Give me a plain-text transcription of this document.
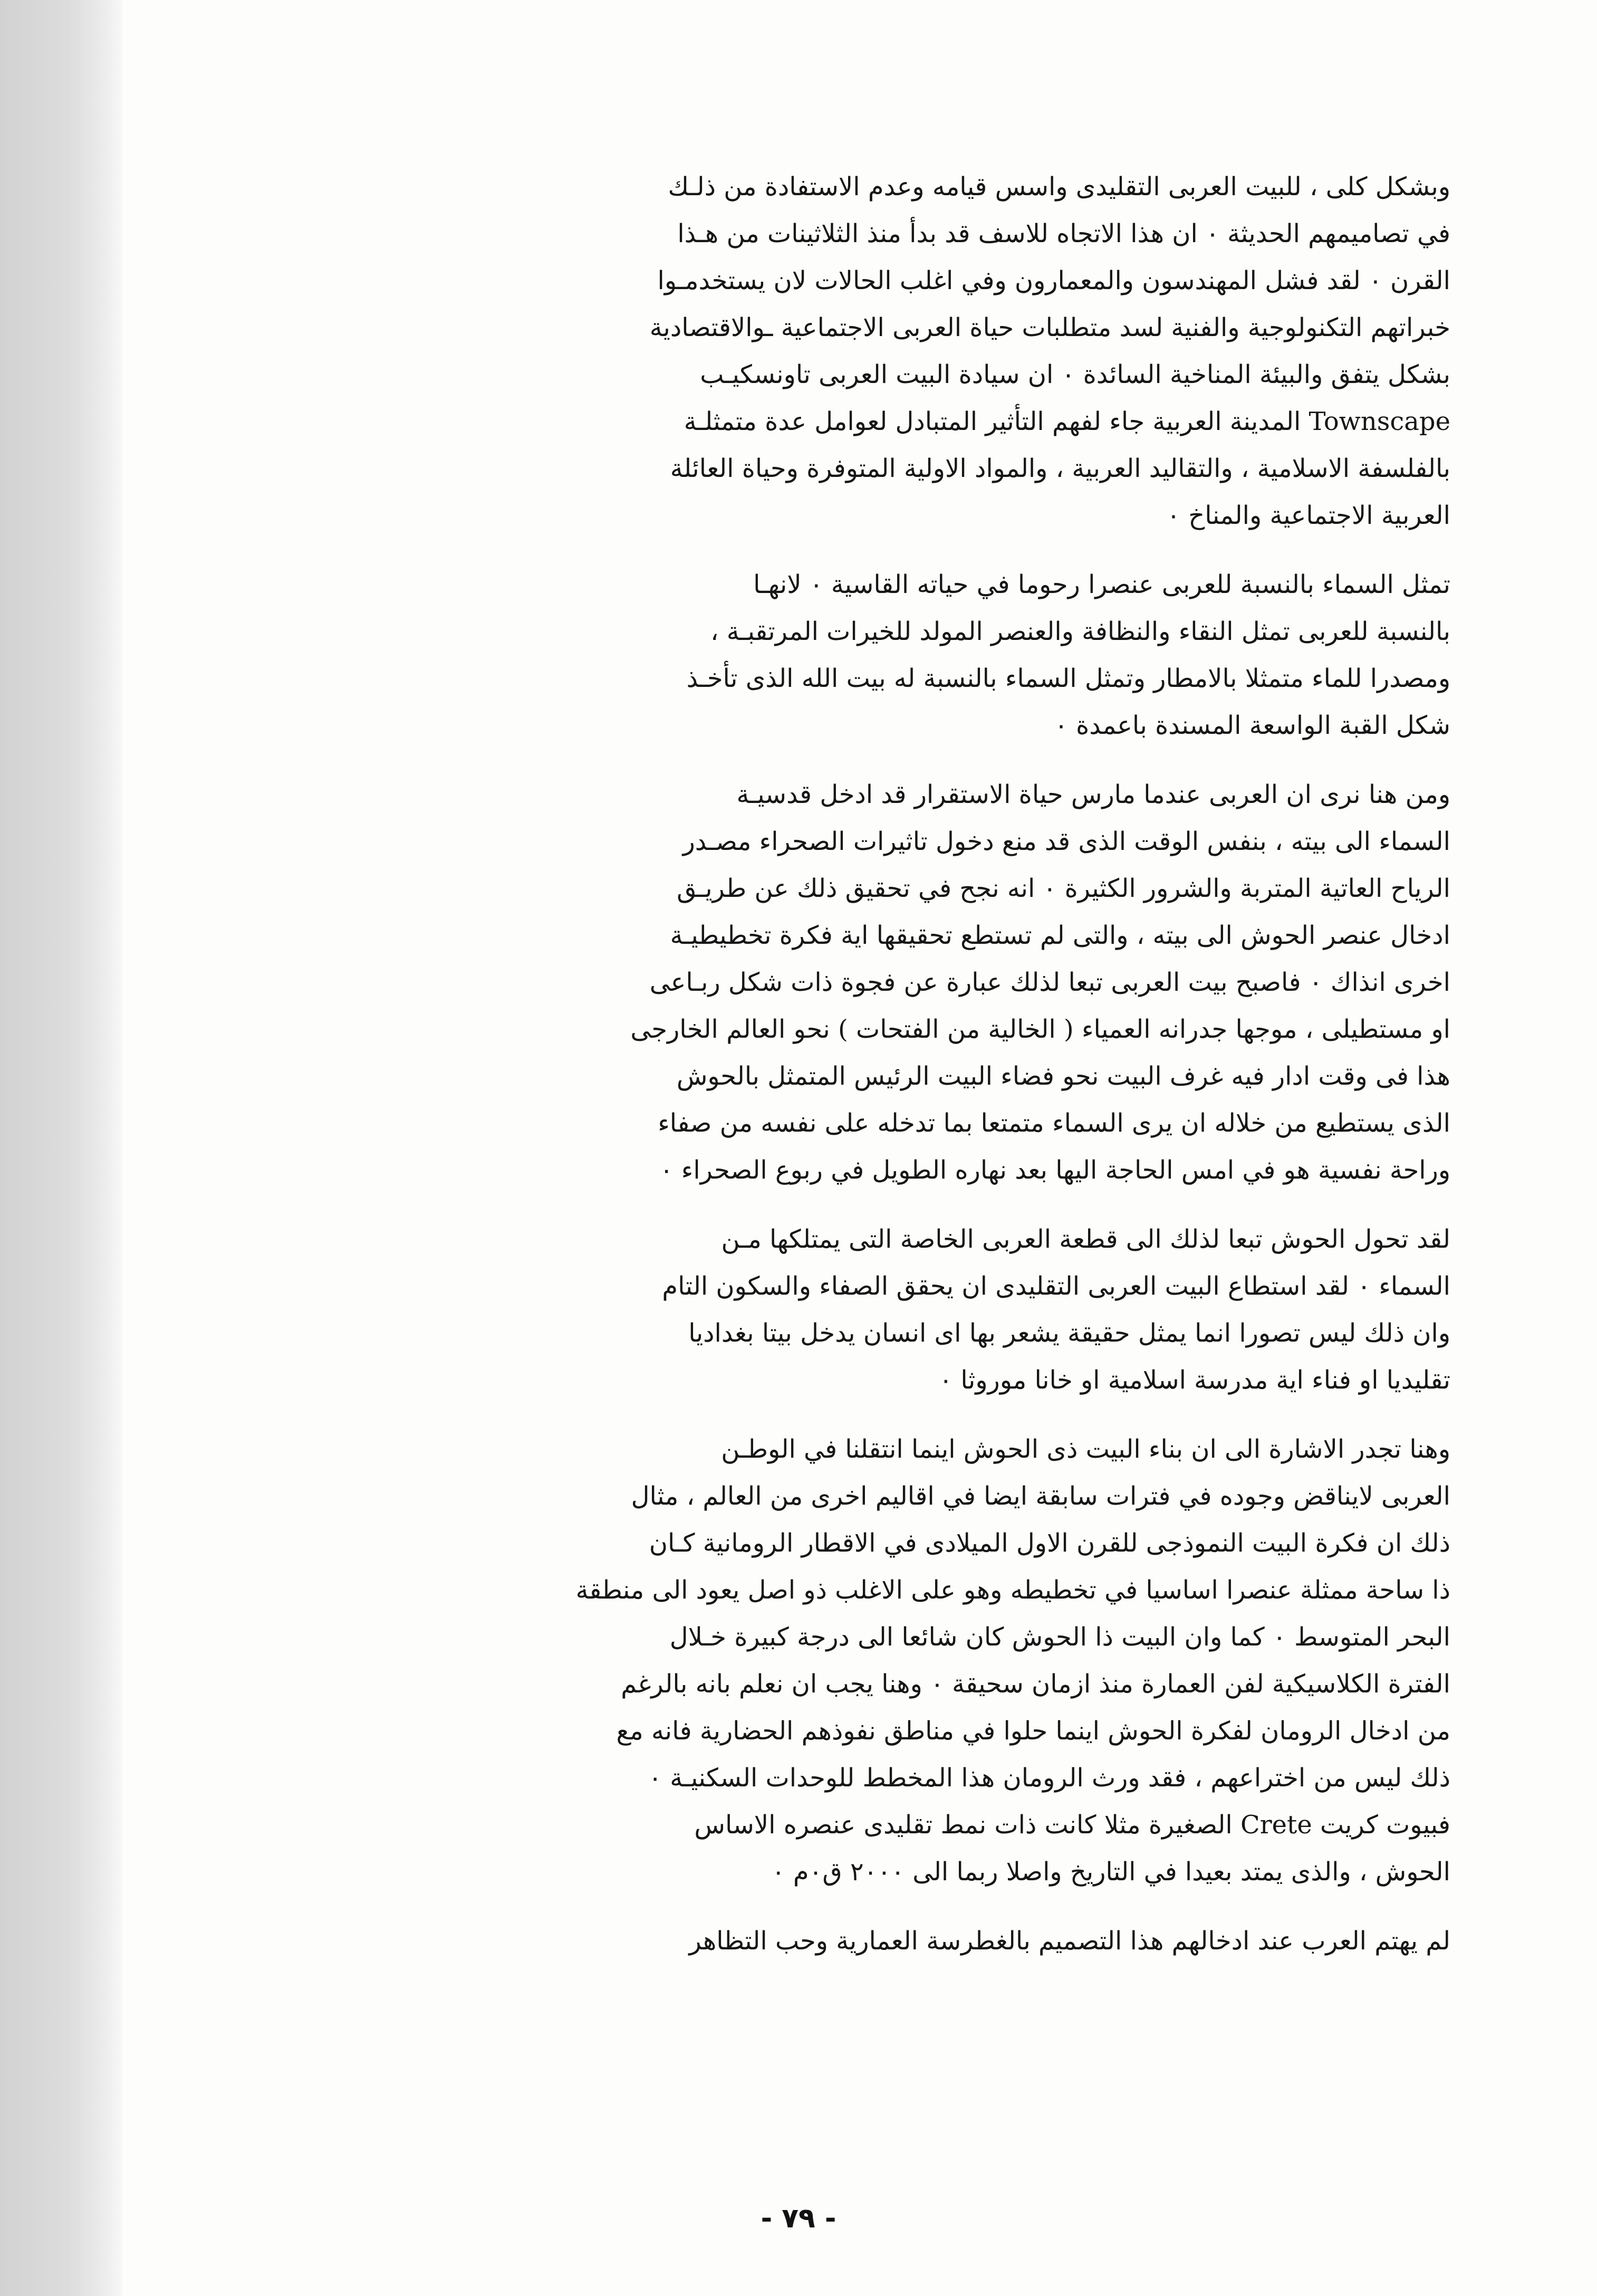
وبشكل كلى ، للبيت العربى التقليدى واسس قيامه وعدم الاستفادة من ذلـك
في تصاميمهم الحديثة ٠ ان هذا الاتجاه للاسف قد بدأ منذ الثلاثينات من هـذا
القرن ٠ لقد فشل المهندسون والمعمارون وفي اغلب الحالات لان يستخدمـوا
خبراتهم التكنولوجية والفنية لسد متطلبات حياة العربى الاجتماعية ـوالاقتصادية
بشكل يتفق والبيئة المناخية السائدة ٠ ان سيادة البيت العربى تاونسكيـب
Townscape المدينة العربية جاء لفهم التأثير المتبادل لعوامل عدة متمثلـة
بالفلسفة الاسلامية ، والتقاليد العربية ، والمواد الاولية المتوفرة وحياة العائلة
العربية الاجتماعية والمناخ ٠
تمثل السماء بالنسبة للعربى عنصرا رحوما في حياته القاسية ٠ لانهـا
بالنسبة للعربى تمثل النقاء والنظافة والعنصر المولد للخيرات المرتقبـة ،
ومصدرا للماء متمثلا بالامطار وتمثل السماء بالنسبة له بيت الله الذى تأخـذ
شكل القبة الواسعة المسندة باعمدة ٠
ومن هنا نرى ان العربى عندما مارس حياة الاستقرار قد ادخل قدسيـة
السماء الى بيته ، بنفس الوقت الذى قد منع دخول تاثيرات الصحراء مصـدر
الرياح العاتية المتربة والشرور الكثيرة ٠ انه نجح في تحقيق ذلك عن طريـق
ادخال عنصر الحوش الى بيته ، والتى لم تستطع تحقيقها اية فكرة تخطيطيـة
اخرى انذاك ٠ فاصبح بيت العربى تبعا لذلك عبارة عن فجوة ذات شكل ربـاعى
او مستطيلى ، موجها جدرانه العمياء ( الخالية من الفتحات ) نحو العالم الخارجى
هذا فى وقت ادار فيه غرف البيت نحو فضاء البيت الرئيس المتمثل بالحوش
الذى يستطيع من خلاله ان يرى السماء متمتعا بما تدخله على نفسه من صفاء
وراحة نفسية هو في امس الحاجة اليها بعد نهاره الطويل في ربوع الصحراء ٠
لقد تحول الحوش تبعا لذلك الى قطعة العربى الخاصة التى يمتلكها مـن
السماء ٠ لقد استطاع البيت العربى التقليدى ان يحقق الصفاء والسكون التام
وان ذلك ليس تصورا انما يمثل حقيقة يشعر بها اى انسان يدخل بيتا بغداديا
تقليديا او فناء اية مدرسة اسلامية او خانا موروثا ٠
وهنا تجدر الاشارة الى ان بناء البيت ذى الحوش اينما انتقلنا في الوطـن
العربى لايناقض وجوده في فترات سابقة ايضا في اقاليم اخرى من العالم ، مثال
ذلك ان فكرة البيت النموذجى للقرن الاول الميلادى في الاقطار الرومانية كـان
ذا ساحة ممثلة عنصرا اساسيا في تخطيطه وهو على الاغلب ذو اصل يعود الى منطقة
البحر المتوسط ٠ كما وان البيت ذا الحوش كان شائعا الى درجة كبيرة خـلال
الفترة الكلاسيكية لفن العمارة منذ ازمان سحيقة ٠ وهنا يجب ان نعلم بانه بالرغم
من ادخال الرومان لفكرة الحوش اينما حلوا في مناطق نفوذهم الحضارية فانه مع
ذلك ليس من اختراعهم ، فقد ورث الرومان هذا المخطط للوحدات السكنيـة ٠
فبيوت كريت Crete الصغيرة مثلا كانت ذات نمط تقليدى عنصره الاساس
الحوش ، والذى يمتد بعيدا في التاريخ واصلا ربما الى ٢٠٠٠ ق٠م ٠
لم يهتم العرب عند ادخالهم هذا التصميم بالغطرسة العمارية وحب التظاهر
- ٧٩ -
